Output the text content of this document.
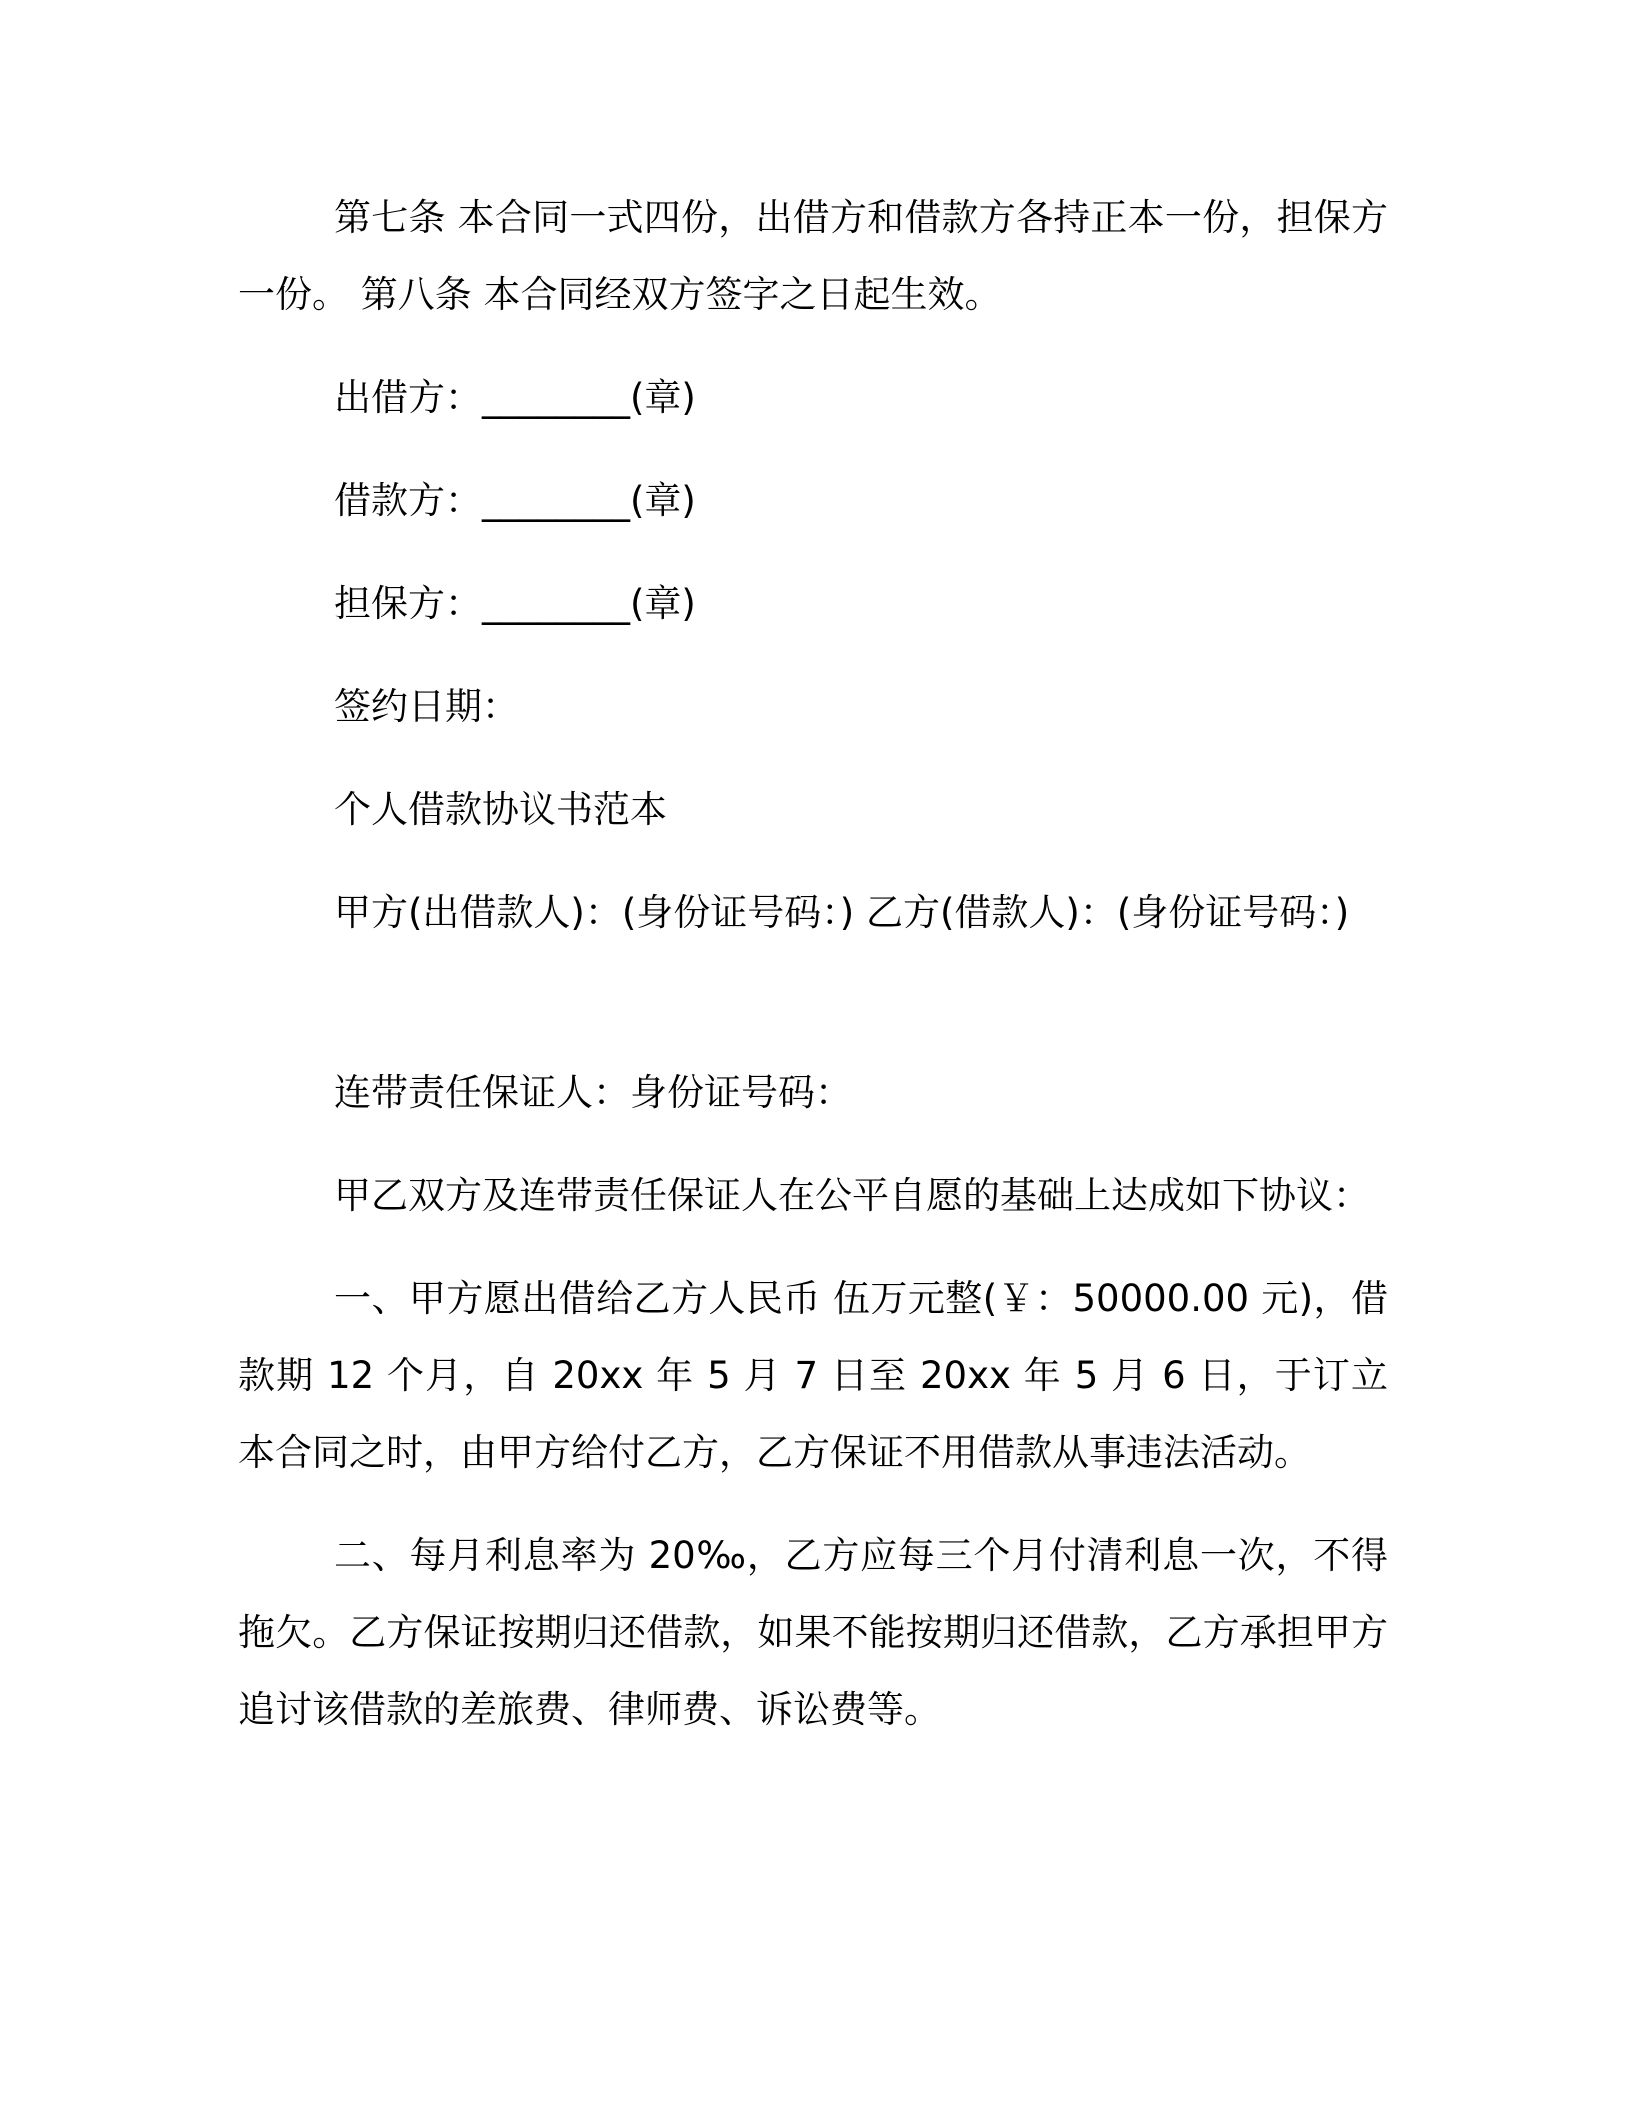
第七条 本合同一式四份，出借方和借款方各持正本一份，担保方一份。 第八条 本合同经双方签字之日起生效。

出借方：________(章)

借款方：________(章)

担保方：________(章)

签约日期：

个人借款协议书范本

甲方(出借款人)：(身份证号码：) 乙方(借款人)：(身份证号码：)

连带责任保证人：身份证号码：

甲乙双方及连带责任保证人在公平自愿的基础上达成如下协议：

一、甲方愿出借给乙方人民币 伍万元整(￥：50000.00 元)，借款期 12 个月，自 20xx 年 5 月 7 日至 20xx 年 5 月 6 日，于订立本合同之时，由甲方给付乙方，乙方保证不用借款从事违法活动。

二、每月利息率为 20‰，乙方应每三个月付清利息一次，不得拖欠。乙方保证按期归还借款，如果不能按期归还借款，乙方承担甲方追讨该借款的差旅费、律师费、诉讼费等。
